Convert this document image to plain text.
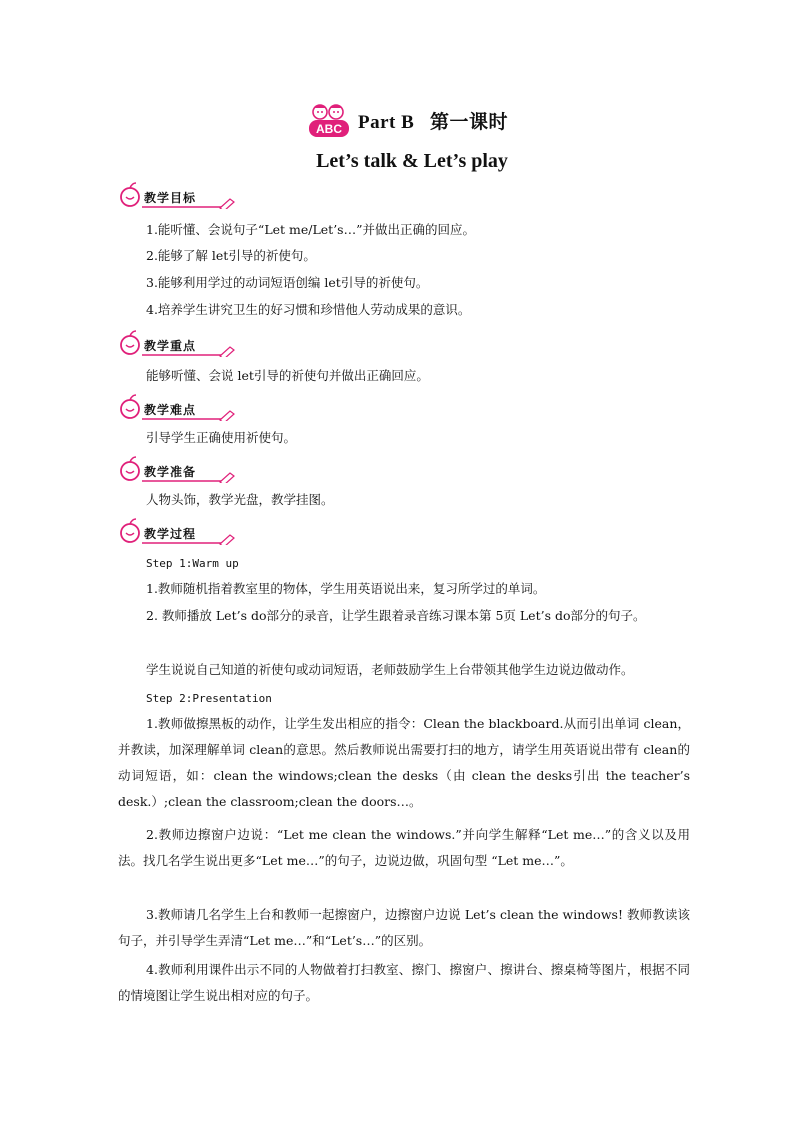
ABC Part B   第一课时
Let’s talk & Let’s play
教学目标
1.能听懂、会说句子“Let me/Let’s…”并做出正确的回应。
2.能够了解 let引导的祈使句。
3.能够利用学过的动词短语创编 let引导的祈使句。
4.培养学生讲究卫生的好习惯和珍惜他人劳动成果的意识。
教学重点
能够听懂、会说 let引导的祈使句并做出正确回应。
教学难点
引导学生正确使用祈使句。
教学准备
人物头饰，教学光盘，教学挂图。
教学过程
Step 1:Warm up
1.教师随机指着教室里的物体，学生用英语说出来，复习所学过的单词。
2. 教师播放 Let’s do部分的录音，让学生跟着录音练习课本第 5页 Let’s do部分的句子。
学生说说自己知道的祈使句或动词短语，老师鼓励学生上台带领其他学生边说边做动作。
Step 2:Presentation
1.教师做擦黑板的动作，让学生发出相应的指令：Clean the blackboard.从而引出单词 clean，并教读，加深理解单词 clean的意思。然后教师说出需要打扫的地方，请学生用英语说出带有 clean的动词短语，如：clean the windows;clean the desks（由 clean the desks引出 the teacher’s desk.）;clean the classroom;clean the doors…。
2.教师边擦窗户边说：“Let me clean the windows.”并向学生解释“Let me…”的含义以及用法。找几名学生说出更多“Let me…”的句子，边说边做，巩固句型 “Let me…”。
3.教师请几名学生上台和教师一起擦窗户，边擦窗户边说 Let’s clean the windows! 教师教读该句子，并引导学生弄清“Let me…”和“Let’s…”的区别。
4.教师利用课件出示不同的人物做着打扫教室、擦门、擦窗户、擦讲台、擦桌椅等图片，根据不同的情境图让学生说出相对应的句子。
